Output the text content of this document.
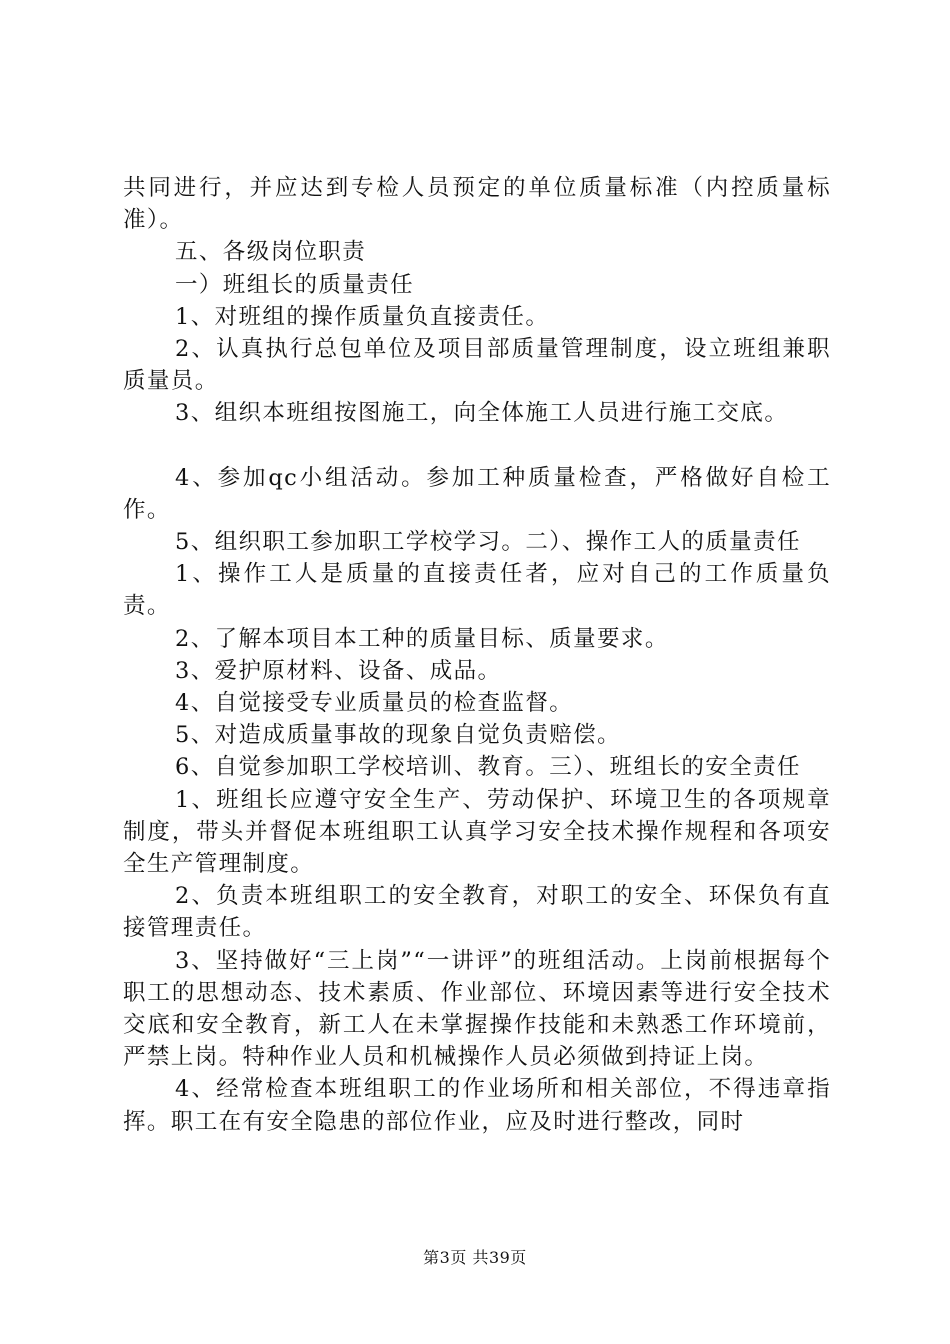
共同进行，并应达到专检人员预定的单位质量标准（内控质量标准）。

五、各级岗位职责

一）班组长的质量责任

1、对班组的操作质量负直接责任。

2、认真执行总包单位及项目部质量管理制度，设立班组兼职质量员。

3、组织本班组按图施工，向全体施工人员进行施工交底。

4、参加qc小组活动。参加工种质量检查，严格做好自检工作。

5、组织职工参加职工学校学习。二）、操作工人的质量责任

1、操作工人是质量的直接责任者，应对自己的工作质量负责。

2、了解本项目本工种的质量目标、质量要求。

3、爱护原材料、设备、成品。

4、自觉接受专业质量员的检查监督。

5、对造成质量事故的现象自觉负责赔偿。

6、自觉参加职工学校培训、教育。三）、班组长的安全责任

1、班组长应遵守安全生产、劳动保护、环境卫生的各项规章制度，带头并督促本班组职工认真学习安全技术操作规程和各项安全生产管理制度。

2、负责本班组职工的安全教育，对职工的安全、环保负有直接管理责任。

3、坚持做好“三上岗”“一讲评”的班组活动。上岗前根据每个职工的思想动态、技术素质、作业部位、环境因素等进行安全技术交底和安全教育，新工人在未掌握操作技能和未熟悉工作环境前，严禁上岗。特种作业人员和机械操作人员必须做到持证上岗。

4、经常检查本班组职工的作业场所和相关部位，不得违章指挥。职工在有安全隐患的部位作业，应及时进行整改，同时

第3页 共39页
